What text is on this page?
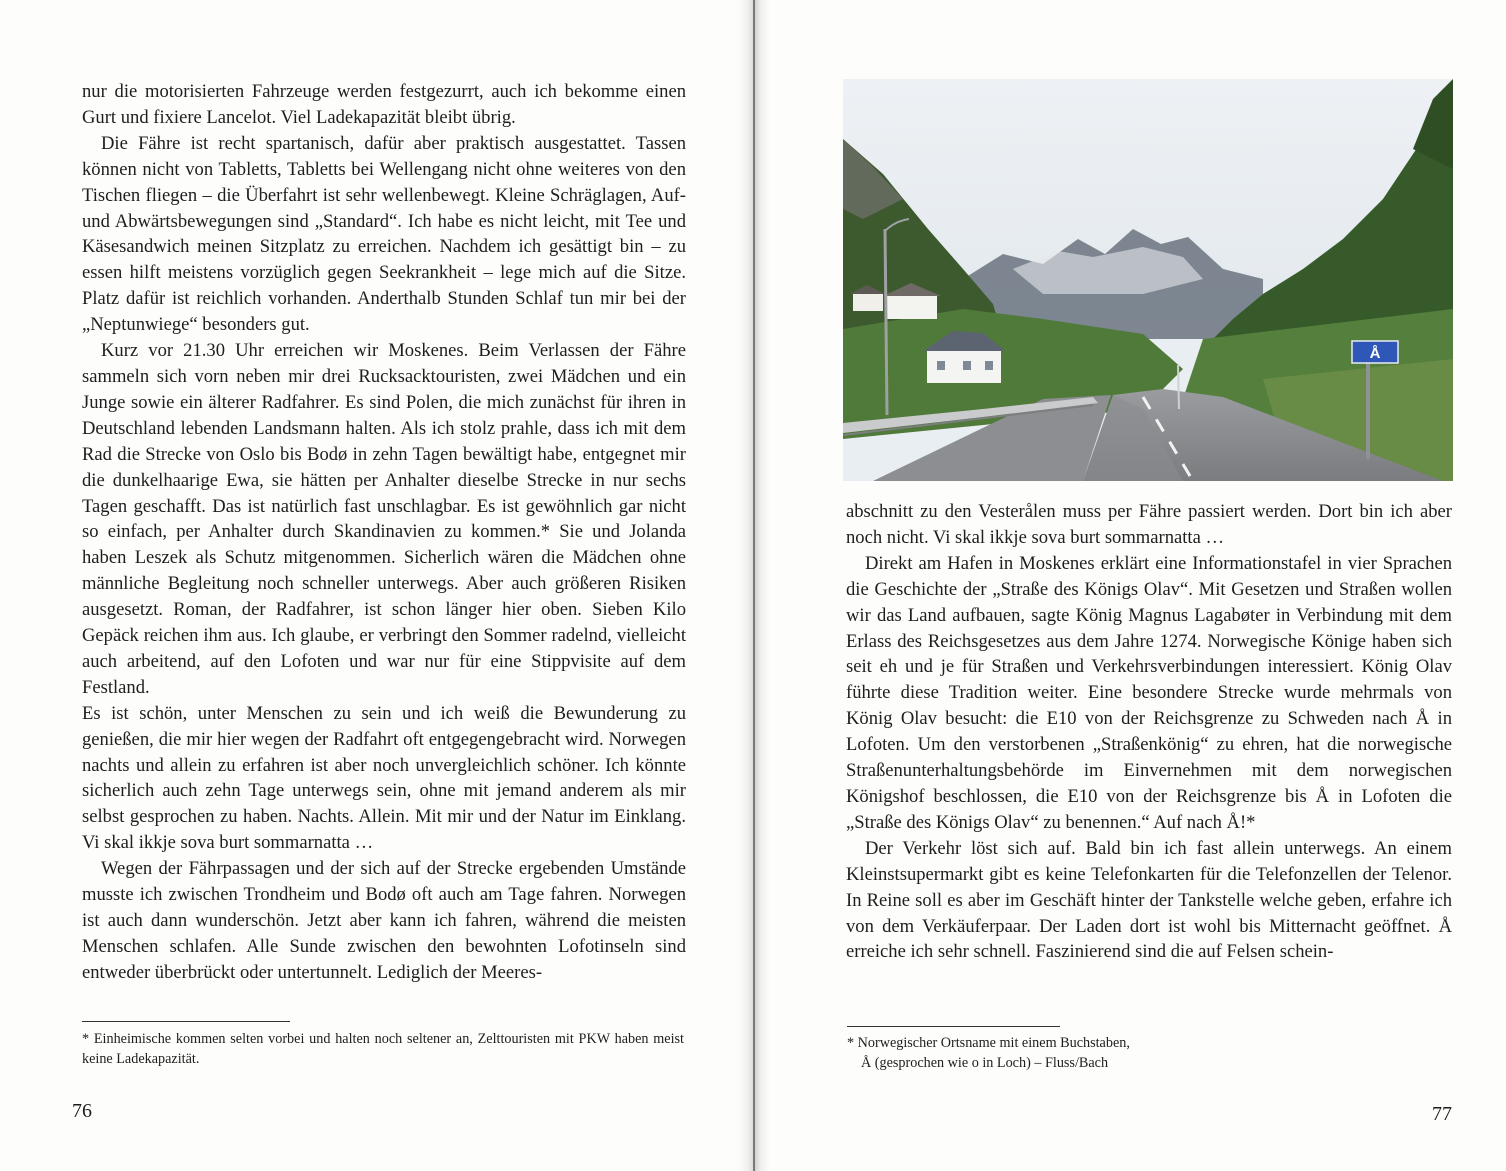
nur die motorisierten Fahrzeuge werden festgezurrt, auch ich bekomme einen Gurt und fixiere Lancelot. Viel Ladekapazität bleibt übrig.

Die Fähre ist recht spartanisch, dafür aber praktisch ausgestattet. Tassen können nicht von Tabletts, Tabletts bei Wellengang nicht ohne weiteres von den Tischen fliegen – die Überfahrt ist sehr wellenbewegt. Kleine Schräglagen, Auf- und Abwärtsbewegungen sind „Standard“. Ich habe es nicht leicht, mit Tee und Käsesandwich meinen Sitzplatz zu erreichen. Nachdem ich gesättigt bin – zu essen hilft meistens vorzüglich gegen Seekrankheit – lege mich auf die Sitze. Platz dafür ist reichlich vorhanden. Anderthalb Stunden Schlaf tun mir bei der „Neptunwiege“ besonders gut.

Kurz vor 21.30 Uhr erreichen wir Moskenes. Beim Verlassen der Fähre sammeln sich vorn neben mir drei Rucksacktouristen, zwei Mädchen und ein Junge sowie ein älterer Radfahrer. Es sind Polen, die mich zunächst für ihren in Deutschland lebenden Landsmann halten. Als ich stolz prahle, dass ich mit dem Rad die Strecke von Oslo bis Bodø in zehn Tagen bewältigt habe, entgegnet mir die dunkelhaarige Ewa, sie hätten per Anhalter dieselbe Strecke in nur sechs Tagen geschafft. Das ist natürlich fast unschlagbar. Es ist gewöhnlich gar nicht so einfach, per Anhalter durch Skandinavien zu kommen.* Sie und Jolanda haben Leszek als Schutz mitgenommen. Sicherlich wären die Mädchen ohne männliche Begleitung noch schneller unterwegs. Aber auch größeren Risiken ausgesetzt. Roman, der Radfahrer, ist schon länger hier oben. Sieben Kilo Gepäck reichen ihm aus. Ich glaube, er verbringt den Sommer radelnd, vielleicht auch arbeitend, auf den Lofoten und war nur für eine Stippvisite auf dem Festland.

Es ist schön, unter Menschen zu sein und ich weiß die Bewunderung zu genießen, die mir hier wegen der Radfahrt oft entgegengebracht wird. Norwegen nachts und allein zu erfahren ist aber noch unvergleichlich schöner. Ich könnte sicherlich auch zehn Tage unterwegs sein, ohne mit jemand anderem als mir selbst gesprochen zu haben. Nachts. Allein. Mit mir und der Natur im Einklang. Vi skal ikkje sova burt sommarnatta …

Wegen der Fährpassagen und der sich auf der Strecke ergebenden Umstände musste ich zwischen Trondheim und Bodø oft auch am Tage fahren. Norwegen ist auch dann wunderschön. Jetzt aber kann ich fahren, während die meisten Menschen schlafen. Alle Sunde zwischen den bewohnten Lofotinseln sind entweder überbrückt oder untertunnelt. Lediglich der Meeres-

* Einheimische kommen selten vorbei und halten noch seltener an, Zelttouristen mit PKW haben meist keine Ladekapazität.
76
Å

abschnitt zu den Vesterålen muss per Fähre passiert werden. Dort bin ich aber noch nicht. Vi skal ikkje sova burt sommarnatta …

Direkt am Hafen in Moskenes erklärt eine Informationstafel in vier Sprachen die Geschichte der „Straße des Königs Olav“. Mit Gesetzen und Straßen wollen wir das Land aufbauen, sagte König Magnus Lagabøter in Verbindung mit dem Erlass des Reichsgesetzes aus dem Jahre 1274. Norwegische Könige haben sich seit eh und je für Straßen und Verkehrsverbindungen interessiert. König Olav führte diese Tradition weiter. Eine besondere Strecke wurde mehrmals von König Olav besucht: die E10 von der Reichsgrenze zu Schweden nach Å in Lofoten. Um den verstorbenen „Straßenkönig“ zu ehren, hat die norwegische Straßenunterhaltungsbehörde im Einvernehmen mit dem norwegischen Königshof beschlossen, die E10 von der Reichsgrenze bis Å in Lofoten die „Straße des Königs Olav“ zu benennen.“ Auf nach Å!*

Der Verkehr löst sich auf. Bald bin ich fast allein unterwegs. An einem Kleinstsupermarkt gibt es keine Telefonkarten für die Telefonzellen der Telenor. In Reine soll es aber im Geschäft hinter der Tankstelle welche geben, erfahre ich von dem Verkäuferpaar. Der Laden dort ist wohl bis Mitternacht geöffnet. Å erreiche ich sehr schnell. Faszinierend sind die auf Felsen schein-

* Norwegischer Ortsname mit einem Buchstaben,
Å (gesprochen wie o in Loch) – Fluss/Bach
77
